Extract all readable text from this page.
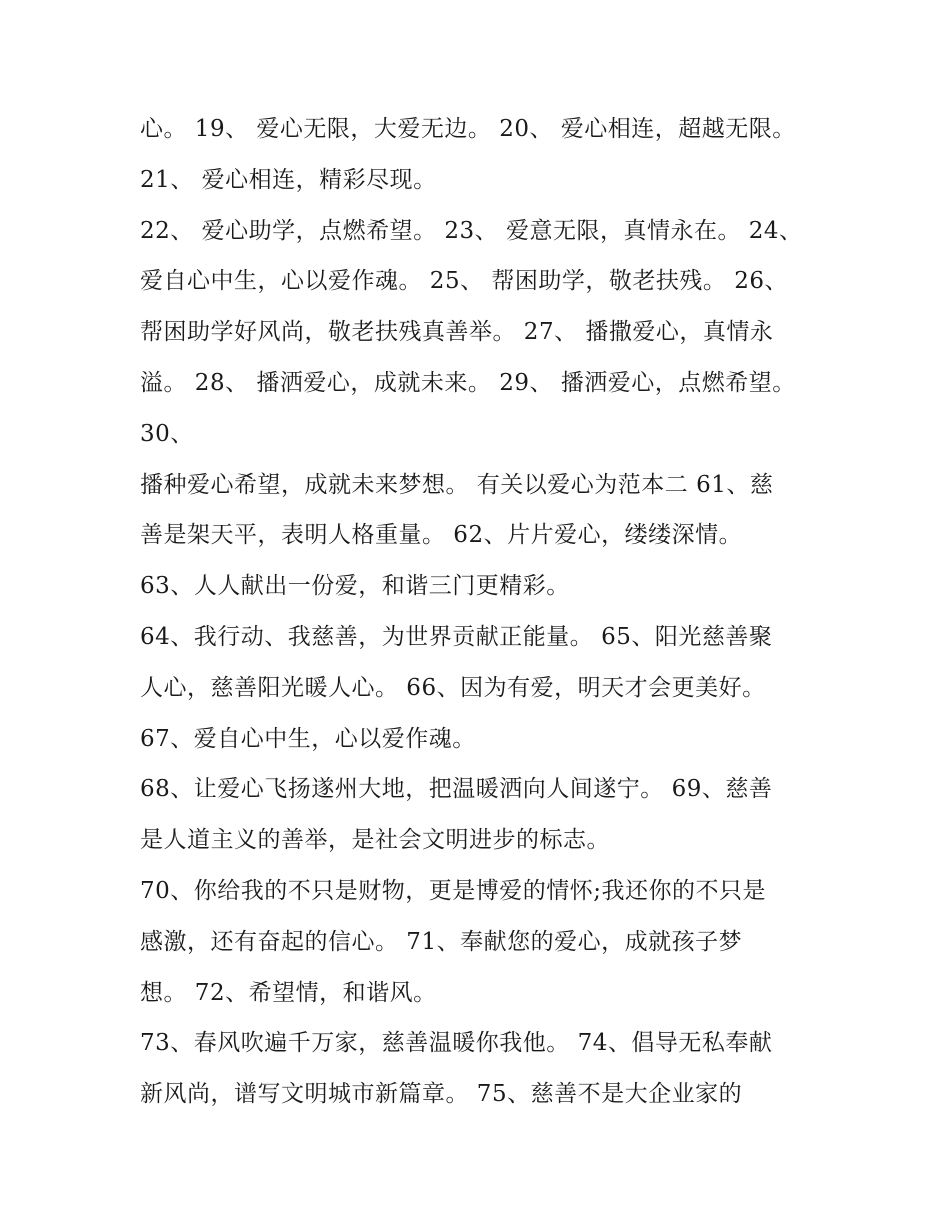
心。 19、 爱心无限，大爱无边。 20、 爱心相连，超越无限。
21、 爱心相连，精彩尽现。
22、 爱心助学，点燃希望。 23、 爱意无限，真情永在。 24、
爱自心中生，心以爱作魂。 25、 帮困助学，敬老扶残。 26、
帮困助学好风尚，敬老扶残真善举。 27、 播撒爱心，真情永
溢。 28、 播洒爱心，成就未来。 29、 播洒爱心，点燃希望。
30、
播种爱心希望，成就未来梦想。 有关以爱心为范本二 61、慈
善是架天平，表明人格重量。 62、片片爱心，缕缕深情。
63、人人献出一份爱，和谐三门更精彩。
64、我行动、我慈善，为世界贡献正能量。 65、阳光慈善聚
人心，慈善阳光暖人心。 66、因为有爱，明天才会更美好。
67、爱自心中生，心以爱作魂。
68、让爱心飞扬遂州大地，把温暖洒向人间遂宁。 69、慈善
是人道主义的善举，是社会文明进步的标志。
70、你给我的不只是财物，更是博爱的情怀;我还你的不只是
感激，还有奋起的信心。 71、奉献您的爱心，成就孩子梦
想。 72、希望情，和谐风。
73、春风吹遍千万家，慈善温暖你我他。 74、倡导无私奉献
新风尚，谱写文明城市新篇章。 75、慈善不是大企业家的
